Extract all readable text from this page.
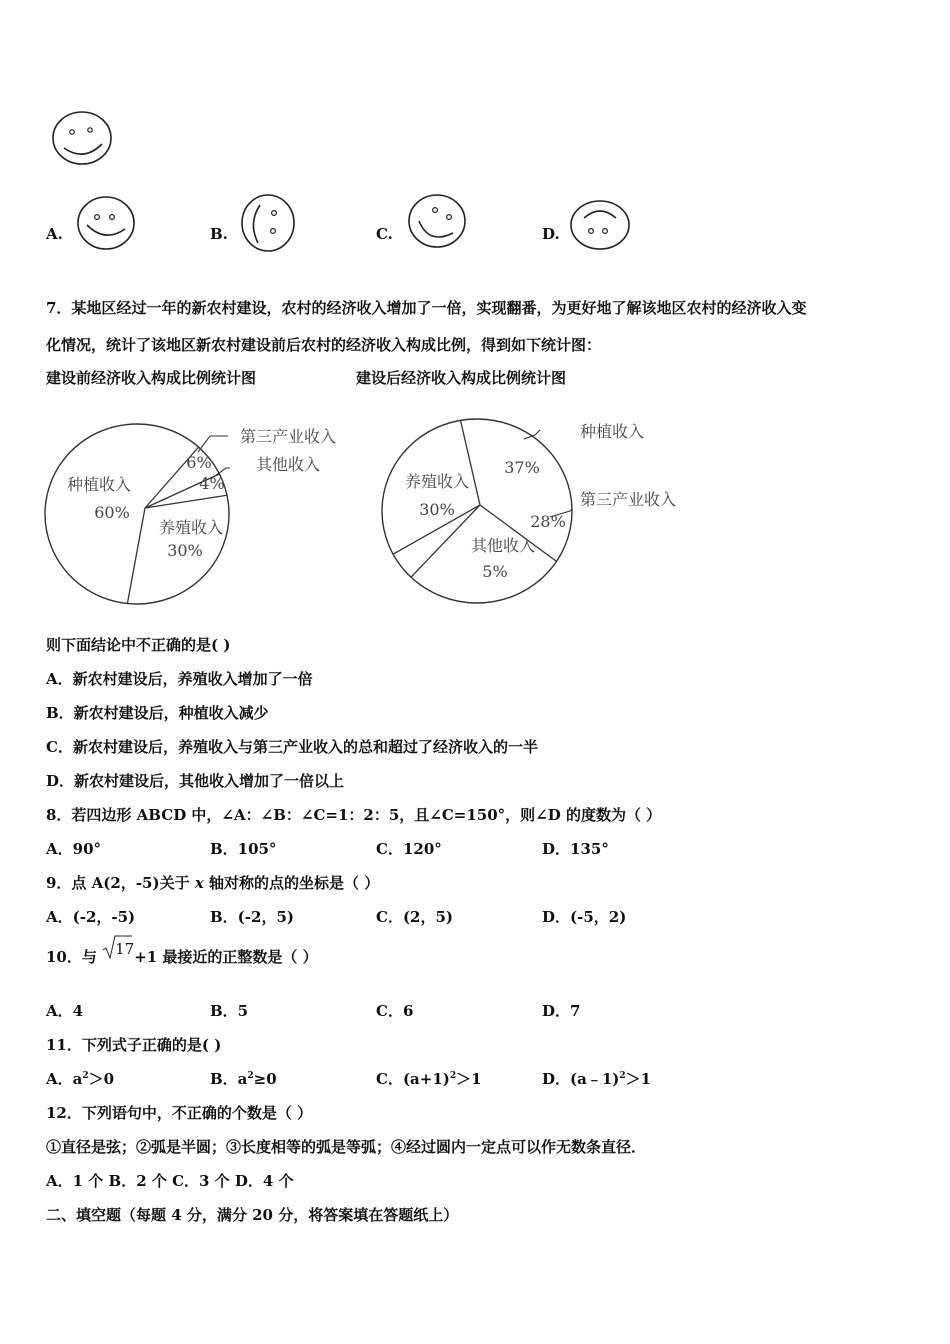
A.	B.	C.	D.
7．某地区经过一年的新农村建设，农村的经济收入增加了一倍，实现翻番，为更好地了解该地区农村的经济收入变
化情况，统计了该地区新农村建设前后农村的经济收入构成比例，得到如下统计图：
建设前经济收入构成比例统计图	建设后经济收入构成比例统计图
种植收入
60%
第三产业收入
6%	其他收入
4%
养殖收入
30%
种植收入
37%
第三产业收入
28%
其他收入
5%
养殖收入
30%
则下面结论中不正确的是( )
A．新农村建设后，养殖收入增加了一倍
B．新农村建设后，种植收入减少
C．新农村建设后，养殖收入与第三产业收入的总和超过了经济收入的一半
D．新农村建设后，其他收入增加了一倍以上
8．若四边形 ABCD 中，∠A：∠B：∠C=1：2：5，且∠C=150°，则∠D 的度数为（ ）
A．90°	B．105°	C．120°	D．135°
9．点 A(2，-5)关于 x 轴对称的点的坐标是（ ）
A．(-2，-5)	B．(-2，5)	C．(2，5)	D．(-5，2)
10．与
17+1 最接近的正整数是（ ）
A．4	B．5	C．6	D．7
11．下列式子正确的是( )
A．$a^2>0$	B．$a^2\ge 0$	C．$(a+1)^2>1$	D．(a﹣1)$^2$＞1
12．下列语句中，不正确的个数是（ ）
①直径是弦；②弧是半圆；③长度相等的弧是等弧；④经过圆内一定点可以作无数条直径．
A．1 个 B．2 个 C．3 个 D．4 个
二、填空题（每题 4 分，满分 20 分，将答案填在答题纸上）
